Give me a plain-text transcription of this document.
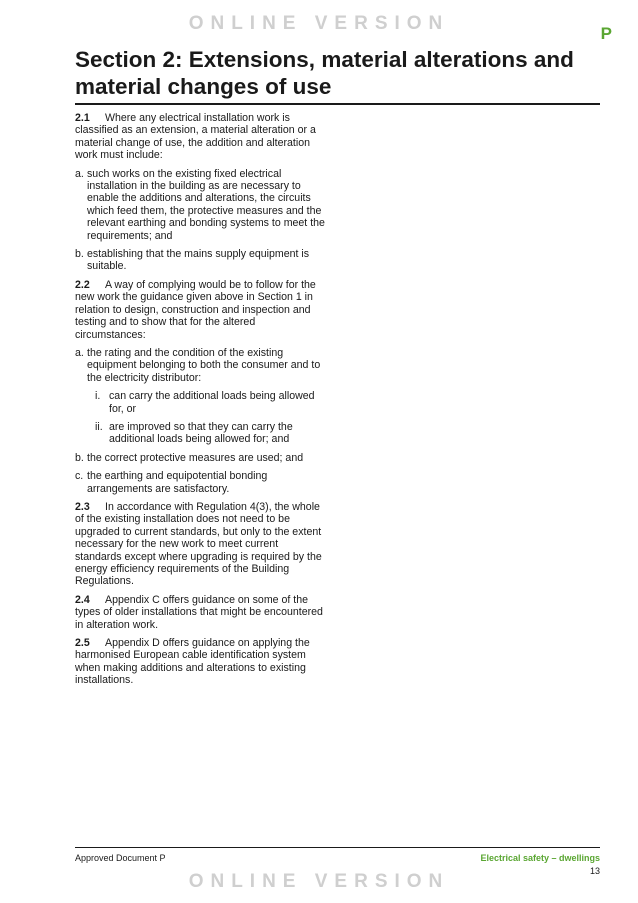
ONLINE VERSION	P
Section 2: Extensions, material alterations and material changes of use

2.1 Where any electrical installation work is classified as an extension, a material alteration or a material change of use, the addition and alteration work must include:

a. such works on the existing fixed electrical installation in the building as are necessary to enable the additions and alterations, the circuits which feed them, the protective measures and the relevant earthing and bonding systems to meet the requirements; and
b. establishing that the mains supply equipment is suitable.

2.2 A way of complying would be to follow for the new work the guidance given above in Section 1 in relation to design, construction and inspection and testing and to show that for the altered circumstances:

a. the rating and the condition of the existing equipment belonging to both the consumer and to the electricity distributor:
i. can carry the additional loads being allowed for, or
ii. are improved so that they can carry the additional loads being allowed for; and
b. the correct protective measures are used; and
c. the earthing and equipotential bonding arrangements are satisfactory.

2.3 In accordance with Regulation 4(3), the whole of the existing installation does not need to be upgraded to current standards, but only to the extent necessary for the new work to meet current standards except where upgrading is required by the energy efficiency requirements of the Building Regulations.

2.4 Appendix C offers guidance on some of the types of older installations that might be encountered in alteration work.

2.5 Appendix D offers guidance on applying the harmonised European cable identification system when making additions and alterations to existing installations.

Approved Document P	Electrical safety – dwellings
13
ONLINE VERSION
